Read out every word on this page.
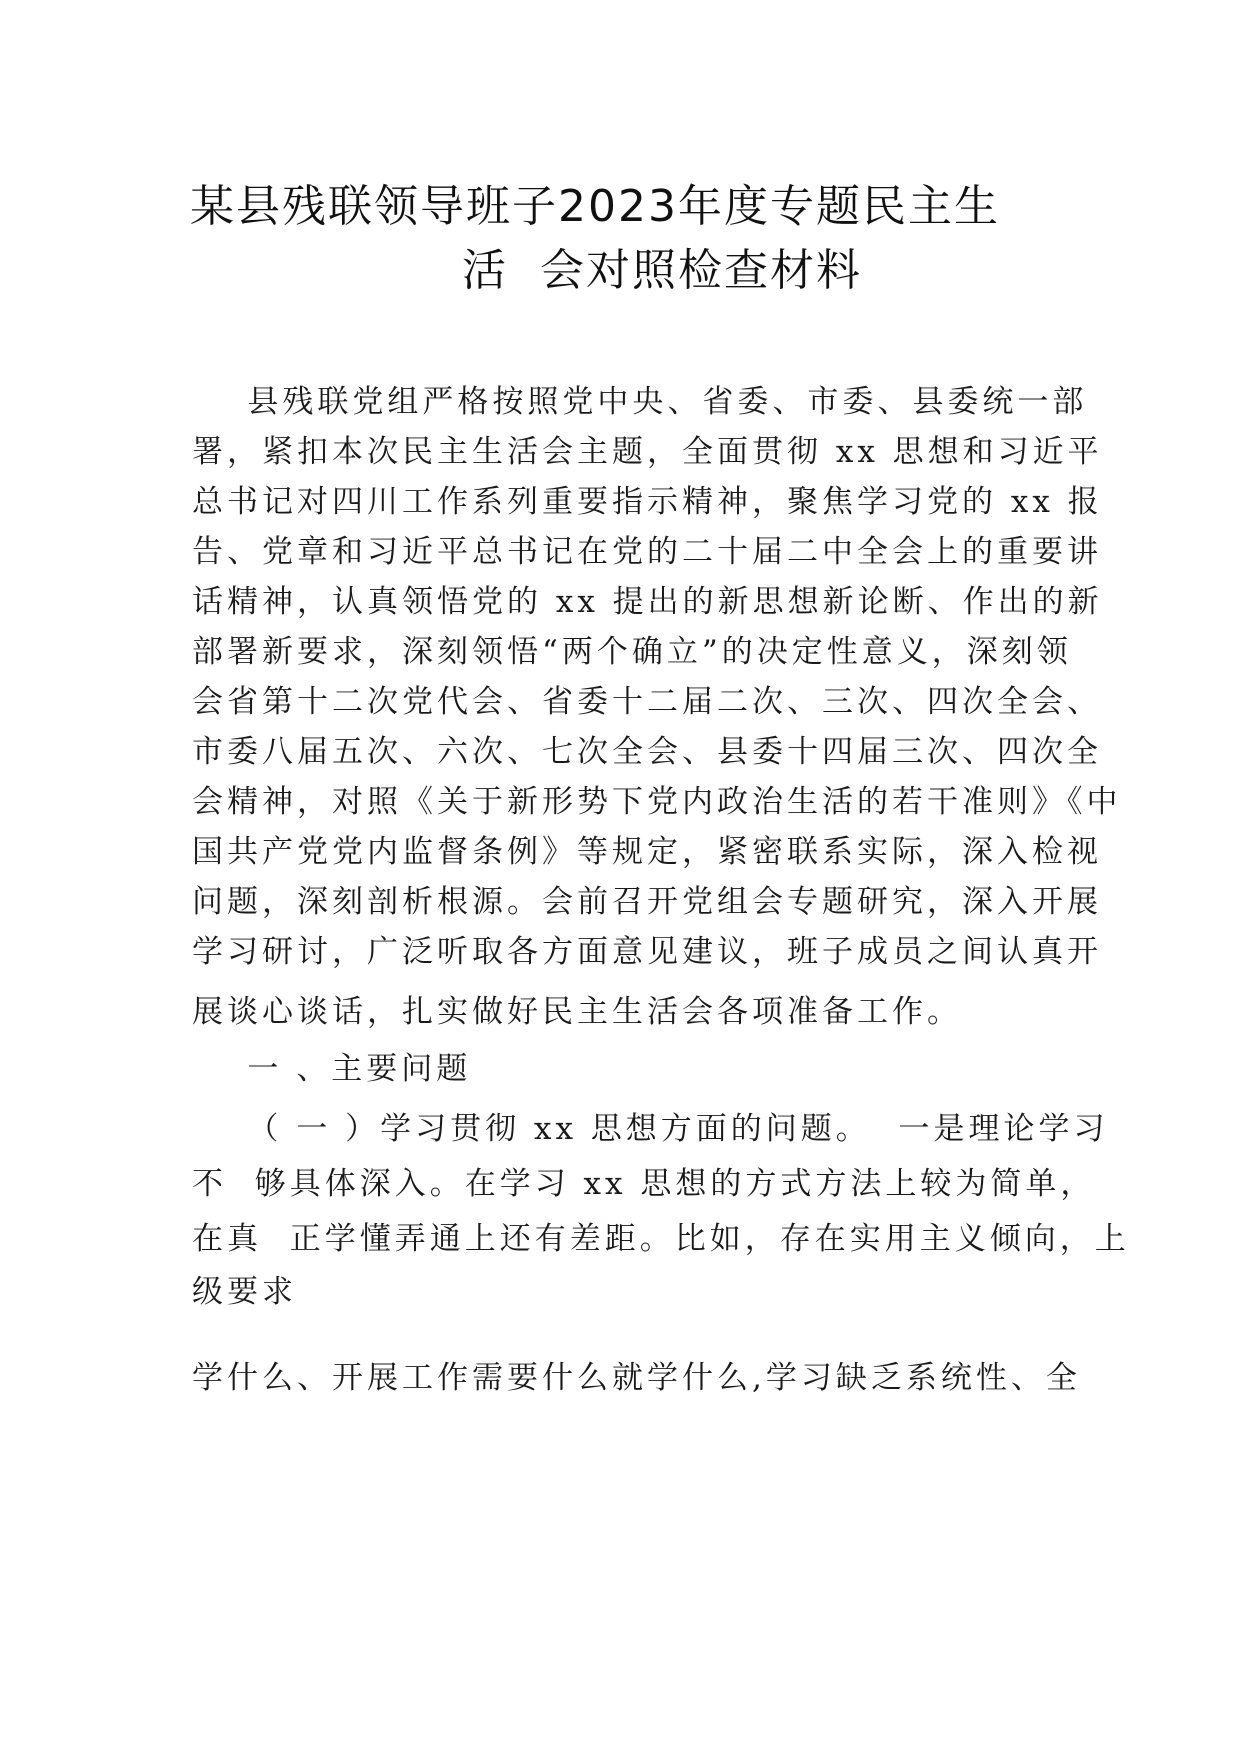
某县残联领导班子2023年度专题民主生
活  会对照检查材料
县残联党组严格按照党中央、省委、市委、县委统一部
署，紧扣本次民主生活会主题，全面贯彻 xx 思想和习近平
总书记对四川工作系列重要指示精神，聚焦学习党的 xx 报
告、党章和习近平总书记在党的二十届二中全会上的重要讲
话精神，认真领悟党的 xx 提出的新思想新论断、作出的新
部署新要求，深刻领悟“两个确立”的决定性意义，深刻领
会省第十二次党代会、省委十二届二次、三次、四次全会、
市委八届五次、六次、七次全会、县委十四届三次、四次全
会精神，对照《关于新形势下党内政治生活的若干准则》《中
国共产党党内监督条例》等规定，紧密联系实际，深入检视
问题，深刻剖析根源。会前召开党组会专题研究，深入开展
学习研讨，广泛听取各方面意见建议，班子成员之间认真开
展谈心谈话，扎实做好民主生活会各项准备工作。
一 、主要问题
（ 一 ）学习贯彻 xx 思想方面的问题。  一是理论学习
不  够具体深入。在学习 xx 思想的方式方法上较为简单，
在真  正学懂弄通上还有差距。比如，存在实用主义倾向，上
级要求
学什么、开展工作需要什么就学什么,学习缺乏系统性、全
